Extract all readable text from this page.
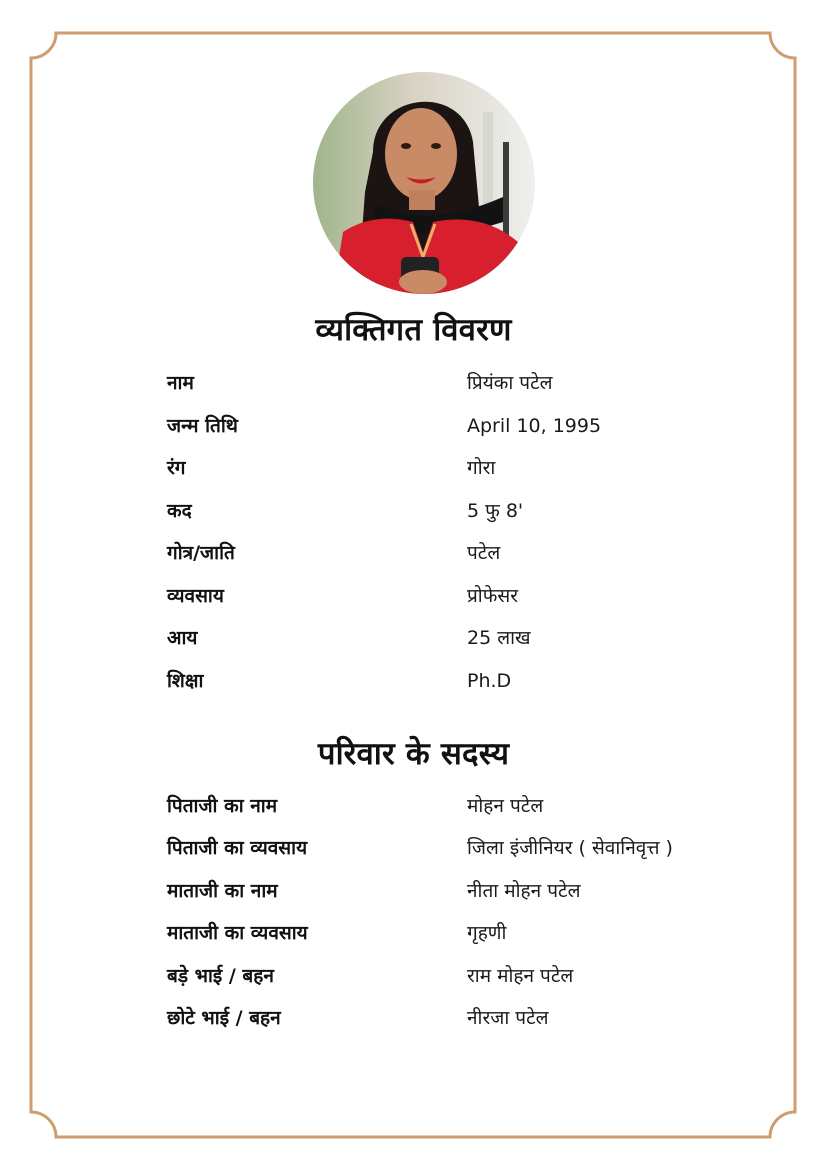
व्यक्तिगत विवरण
नाम	प्रियंका पटेल
जन्म तिथि	April 10, 1995
रंग	गोरा
कद	5 फु 8'
गोत्र/जाति	पटेल
व्यवसाय	प्रोफेसर
आय	25 लाख
शिक्षा	Ph.D
परिवार के सदस्य
पिताजी का नाम	मोहन पटेल
पिताजी का व्यवसाय	जिला इंजीनियर ( सेवानिवृत्त )
माताजी का नाम	नीता मोहन पटेल
माताजी का व्यवसाय	गृहणी
बड़े भाई / बहन	राम मोहन पटेल
छोटे भाई / बहन	नीरजा पटेल
